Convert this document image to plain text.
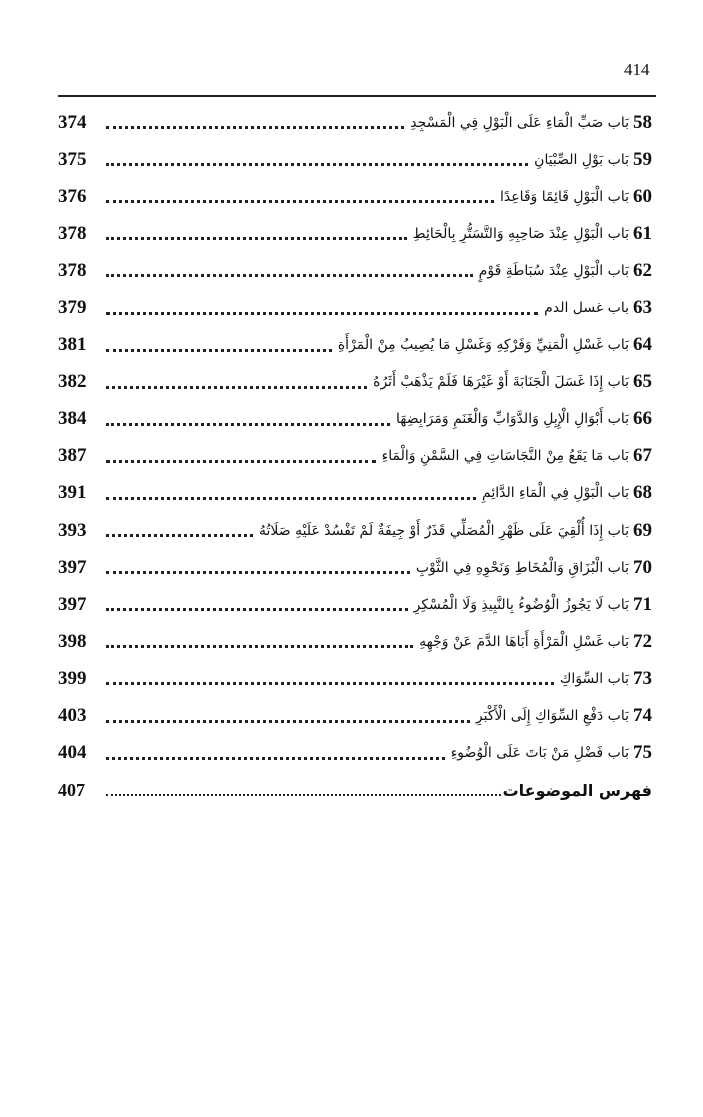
414
58
بَاب صَبِّ الْمَاءِ عَلَى الْبَوْلِ فِي الْمَسْجِدِ
374
59
بَاب بَوْلِ الصِّبْيَانِ
375
60
بَاب الْبَوْلِ قَائِمًا وَقَاعِدًا
376
61
بَاب الْبَوْلِ عِنْدَ صَاحِبِهِ وَالتَّسَتُّرِ بِالْحَائِطِ
378
62
بَاب الْبَوْلِ عِنْدَ سُبَاطَةِ قَوْمٍ
378
63
باب غسل الدم
379
64
بَاب غَسْلِ الْمَنِيِّ وَفَرْكِهِ وَغَسْلِ مَا يُصِيبُ مِنْ الْمَرْأَةِ
381
65
بَاب إِذَا غَسَلَ الْجَنَابَةَ أَوْ غَيْرَهَا فَلَمْ يَذْهَبْ أَثَرُهُ
382
66
بَاب أَبْوَالِ الْإِبِلِ وَالدَّوَابِّ وَالْغَنَمِ وَمَرَابِضِهَا
384
67
بَاب مَا يَقَعُ مِنْ النَّجَاسَاتِ فِي السَّمْنِ وَالْمَاءِ
387
68
بَاب الْبَوْلِ فِي الْمَاءِ الدَّائِمِ
391
69
بَاب إِذَا أُلْقِيَ عَلَى ظَهْرِ الْمُصَلِّي قَذَرٌ أَوْ جِيفَةٌ لَمْ تَفْسُدْ عَلَيْهِ صَلَاتُهُ
393
70
بَاب الْبُزَاقِ وَالْمُخَاطِ وَنَحْوِهِ فِي الثَّوْبِ
397
71
بَاب لَا يَجُوزُ الْوُضُوءُ بِالنَّبِيذِ وَلَا الْمُسْكِرِ
397
72
بَاب غَسْلِ الْمَرْأَةِ أَبَاهَا الدَّمَ عَنْ وَجْهِهِ
398
73
بَاب السِّوَاكِ
399
74
بَاب دَفْعِ السِّوَاكِ إِلَى الْأَكْبَرِ
403
75
بَاب فَضْلِ مَنْ بَاتَ عَلَى الْوُضُوءِ
404
فهرس الموضوعات
407
